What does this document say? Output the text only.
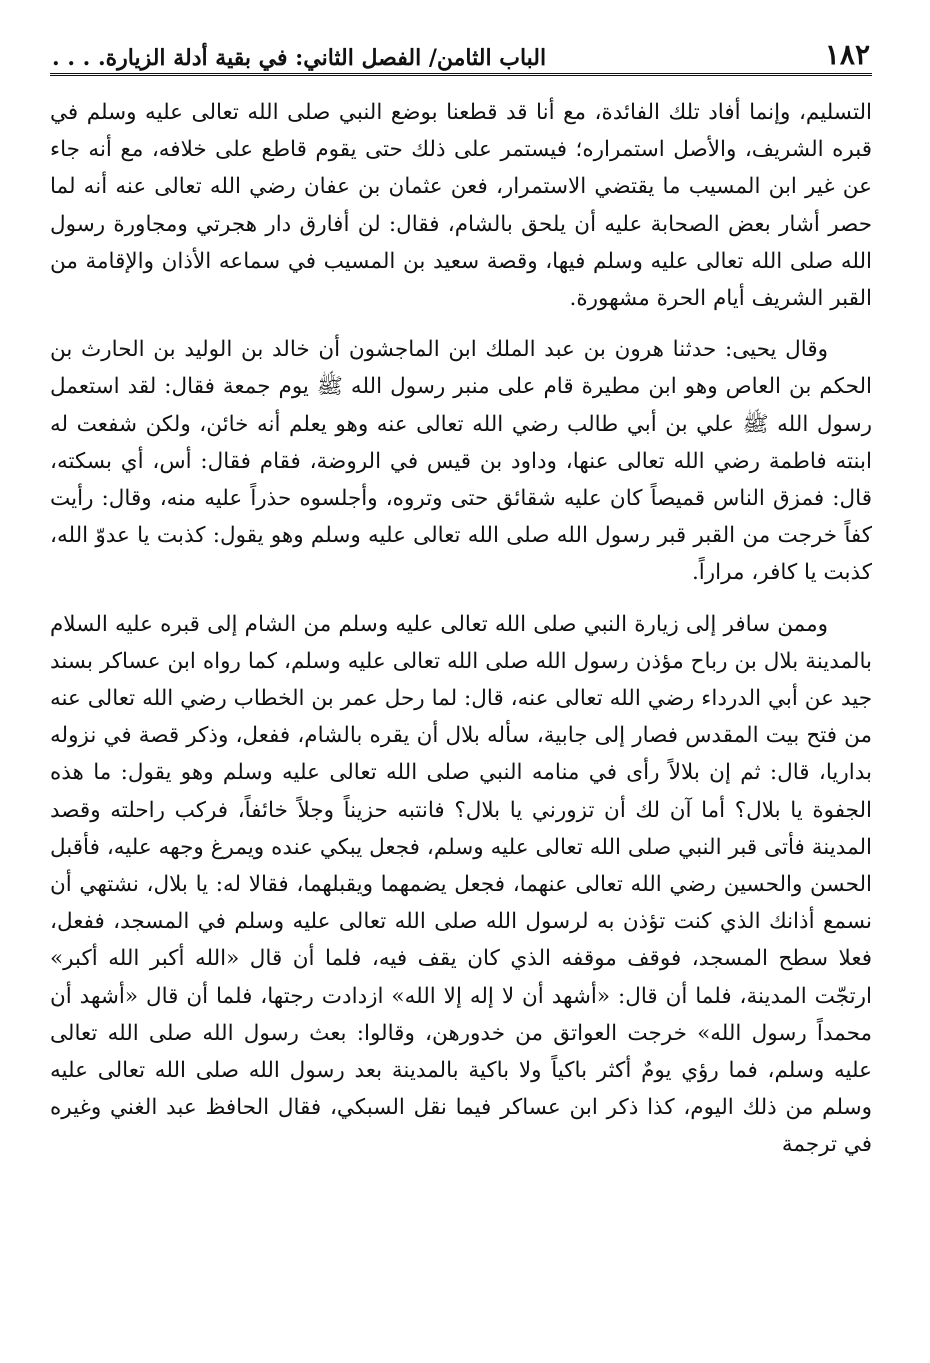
١٨٢
الباب الثامن/ الفصل الثاني: في بقية أدلة الزيارة. . . .

التسليم، وإنما أفاد تلك الفائدة، مع أنا قد قطعنا بوضع النبي صلى الله تعالى عليه وسلم في قبره الشريف، والأصل استمراره؛ فيستمر على ذلك حتى يقوم قاطع على خلافه، مع أنه جاء عن غير ابن المسيب ما يقتضي الاستمرار، فعن عثمان بن عفان رضي الله تعالى عنه أنه لما حصر أشار بعض الصحابة عليه أن يلحق بالشام، فقال: لن أفارق دار هجرتي ومجاورة رسول الله صلى الله تعالى عليه وسلم فيها، وقصة سعيد بن المسيب في سماعه الأذان والإقامة من القبر الشريف أيام الحرة مشهورة.

وقال يحيى: حدثنا هرون بن عبد الملك ابن الماجشون أن خالد بن الوليد بن الحارث بن الحكم بن العاص وهو ابن مطيرة قام على منبر رسول الله ﷺ يوم جمعة فقال: لقد استعمل رسول الله ﷺ علي بن أبي طالب رضي الله تعالى عنه وهو يعلم أنه خائن، ولكن شفعت له ابنته فاطمة رضي الله تعالى عنها، وداود بن قيس في الروضة، فقام فقال: أس، أي بسكته، قال: فمزق الناس قميصاً كان عليه شقائق حتى وتروه، وأجلسوه حذراً عليه منه، وقال: رأيت كفاً خرجت من القبر قبر رسول الله صلى الله تعالى عليه وسلم وهو يقول: كذبت يا عدوّ الله، كذبت يا كافر، مراراً.

وممن سافر إلى زيارة النبي صلى الله تعالى عليه وسلم من الشام إلى قبره عليه السلام بالمدينة بلال بن رباح مؤذن رسول الله صلى الله تعالى عليه وسلم، كما رواه ابن عساكر بسند جيد عن أبي الدرداء رضي الله تعالى عنه، قال: لما رحل عمر بن الخطاب رضي الله تعالى عنه من فتح بيت المقدس فصار إلى جابية، سأله بلال أن يقره بالشام، ففعل، وذكر قصة في نزوله بداريا، قال: ثم إن بلالاً رأى في منامه النبي صلى الله تعالى عليه وسلم وهو يقول: ما هذه الجفوة يا بلال؟ أما آن لك أن تزورني يا بلال؟ فانتبه حزيناً وجلاً خائفاً، فركب راحلته وقصد المدينة فأتى قبر النبي صلى الله تعالى عليه وسلم، فجعل يبكي عنده ويمرغ وجهه عليه، فأقبل الحسن والحسين رضي الله تعالى عنهما، فجعل يضمهما ويقبلهما، فقالا له: يا بلال، نشتهي أن نسمع أذانك الذي كنت تؤذن به لرسول الله صلى الله تعالى عليه وسلم في المسجد، ففعل، فعلا سطح المسجد، فوقف موقفه الذي كان يقف فيه، فلما أن قال «الله أكبر الله أكبر» ارتجّت المدينة، فلما أن قال: «أشهد أن لا إله إلا الله» ازدادت رجتها، فلما أن قال «أشهد أن محمداً رسول الله» خرجت العواتق من خدورهن، وقالوا: بعث رسول الله صلى الله تعالى عليه وسلم، فما رؤي يومٌ أكثر باكياً ولا باكية بالمدينة بعد رسول الله صلى الله تعالى عليه وسلم من ذلك اليوم، كذا ذكر ابن عساكر فيما نقل السبكي، فقال الحافظ عبد الغني وغيره في ترجمة
